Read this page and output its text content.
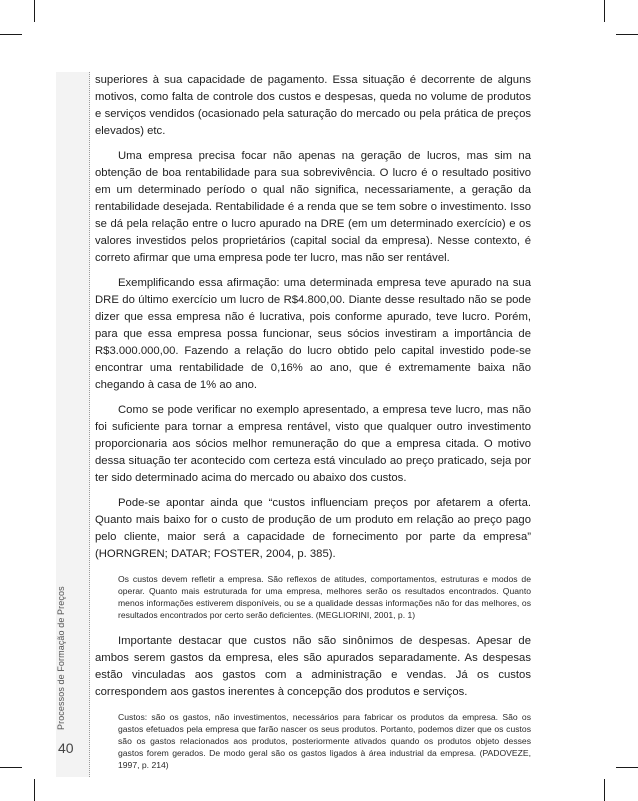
40

superiores à sua capacidade de pagamento. Essa situação é decorrente de alguns motivos, como falta de controle dos custos e despesas, queda no volume de produtos e serviços vendidos (ocasionado pela saturação do mercado ou pela prática de preços elevados) etc.

Uma empresa precisa focar não apenas na geração de lucros, mas sim na obtenção de boa rentabilidade para sua sobrevivência. O lucro é o resultado positivo em um determinado período o qual não significa, necessariamente, a geração da rentabilidade desejada. Rentabilidade é a renda que se tem sobre o investimento. Isso se dá pela relação entre o lucro apurado na DRE (em um determinado exercício) e os valores investidos pelos proprietários (capital social da empresa). Nesse contexto, é correto afirmar que uma empresa pode ter lucro, mas não ser rentável.

Exemplificando essa afirmação: uma determinada empresa teve apurado na sua DRE do último exercício um lucro de R$4.800,00. Diante desse resultado não se pode dizer que essa empresa não é lucrativa, pois conforme apurado, teve lucro. Porém, para que essa empresa possa funcionar, seus sócios investiram a importância de R$3.000.000,00. Fazendo a relação do lucro obtido pelo capital investido pode-se encontrar uma rentabilidade de 0,16% ao ano, que é extremamente baixa não chegando à casa de 1% ao ano.

Como se pode verificar no exemplo apresentado, a empresa teve lucro, mas não foi suficiente para tornar a empresa rentável, visto que qualquer outro investimento proporcionaria aos sócios melhor remuneração do que a empresa citada. O motivo dessa situação ter acontecido com certeza está vinculado ao preço praticado, seja por ter sido determinado acima do mercado ou abaixo dos custos.

Pode-se apontar ainda que “custos influenciam preços por afetarem a oferta. Quanto mais baixo for o custo de produção de um produto em relação ao preço pago pelo cliente, maior será a capacidade de fornecimento por parte da empresa” (HORNGREN; DATAR; FOSTER, 2004, p. 385).

Os custos devem refletir a empresa. São reflexos de atitudes, comportamentos, estruturas e modos de operar. Quanto mais estruturada for uma empresa, melhores serão os resultados encontrados. Quanto menos informações estiverem disponíveis, ou se a qualidade dessas informações não for das melhores, os resultados encontrados por certo serão deficientes. (MEGLIORINI, 2001, p. 1)

Importante destacar que custos não são sinônimos de despesas. Apesar de ambos serem gastos da empresa, eles são apurados separadamente. As despesas estão vinculadas aos gastos com a administração e vendas. Já os custos correspondem aos gastos inerentes à concepção dos produtos e serviços.

Custos: são os gastos, não investimentos, necessários para fabricar os produtos da empresa. São os gastos efetuados pela empresa que farão nascer os seus produtos. Portanto, podemos dizer que os custos são os gastos relacionados aos produtos, posteriormente ativados quando os produtos objeto desses gastos forem gerados. De modo geral são os gastos ligados à área industrial da empresa. (PADOVEZE, 1997, p. 214)
